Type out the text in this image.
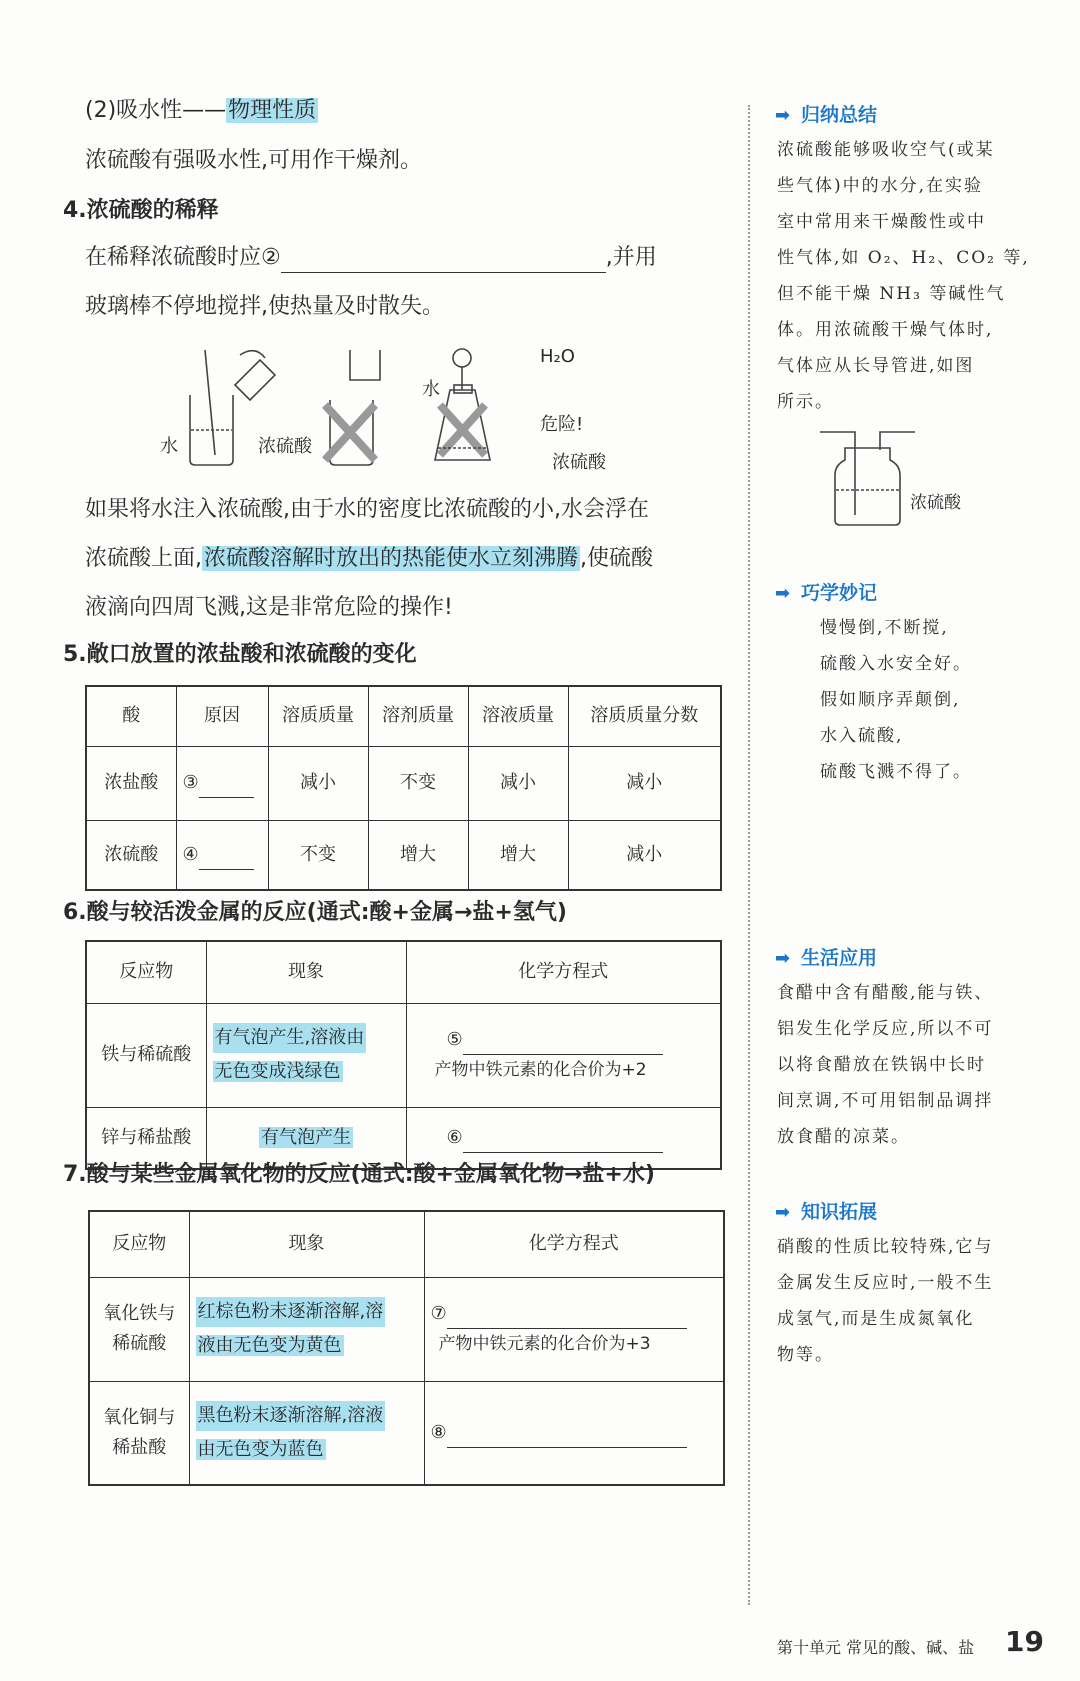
(2)吸水性——物理性质
浓硫酸有强吸水性,可用作干燥剂。
4.浓硫酸的稀释
在稀释浓硫酸时应②	,并用
玻璃棒不停地搅拌,使热量及时散失。
水	浓硫酸
水
H₂O
危险!
浓硫酸
如果将水注入浓硫酸,由于水的密度比浓硫酸的小,水会浮在
浓硫酸上面,浓硫酸溶解时放出的热能使水立刻沸腾,使硫酸
液滴向四周飞溅,这是非常危险的操作!
5.敞口放置的浓盐酸和浓硫酸的变化
酸	原因	溶质质量	溶剂质量	溶液质量	溶质质量分数
浓盐酸	③	减小	不变	减小	减小
浓硫酸	④	不变	增大	增大	减小
6.酸与较活泼金属的反应(通式:酸+金属→盐+氢气)
反应物	现象	化学方程式
铁与稀硫酸	有气泡产生,溶液由
无色变成浅绿色	⑤
产物中铁元素的化合价为+2
锌与稀盐酸	有气泡产生	⑥
7.酸与某些金属氧化物的反应(通式:酸+金属氧化物→盐+水)
反应物	现象	化学方程式
氧化铁与
稀硫酸	红棕色粉末逐渐溶解,溶
液由无色变为黄色	⑦
产物中铁元素的化合价为+3
氧化铜与
稀盐酸	黑色粉末逐渐溶解,溶液
由无色变为蓝色	⑧
➡ 归纳总结
浓硫酸能够吸收空气(或某
些气体)中的水分,在实验
室中常用来干燥酸性或中
性气体,如 O₂、H₂、CO₂ 等,
但不能干燥 NH₃ 等碱性气
体。用浓硫酸干燥气体时,
气体应从长导管进,如图
所示。
浓硫酸
➡ 巧学妙记
慢慢倒,不断搅,
硫酸入水安全好。
假如顺序弄颠倒,
水入硫酸,
硫酸飞溅不得了。
➡ 生活应用
食醋中含有醋酸,能与铁、
铝发生化学反应,所以不可
以将食醋放在铁锅中长时
间烹调,不可用铝制品调拌
放食醋的凉菜。
➡ 知识拓展
硝酸的性质比较特殊,它与
金属发生反应时,一般不生
成氢气,而是生成氮氧化
物等。
第十单元 常见的酸、碱、盐 19
